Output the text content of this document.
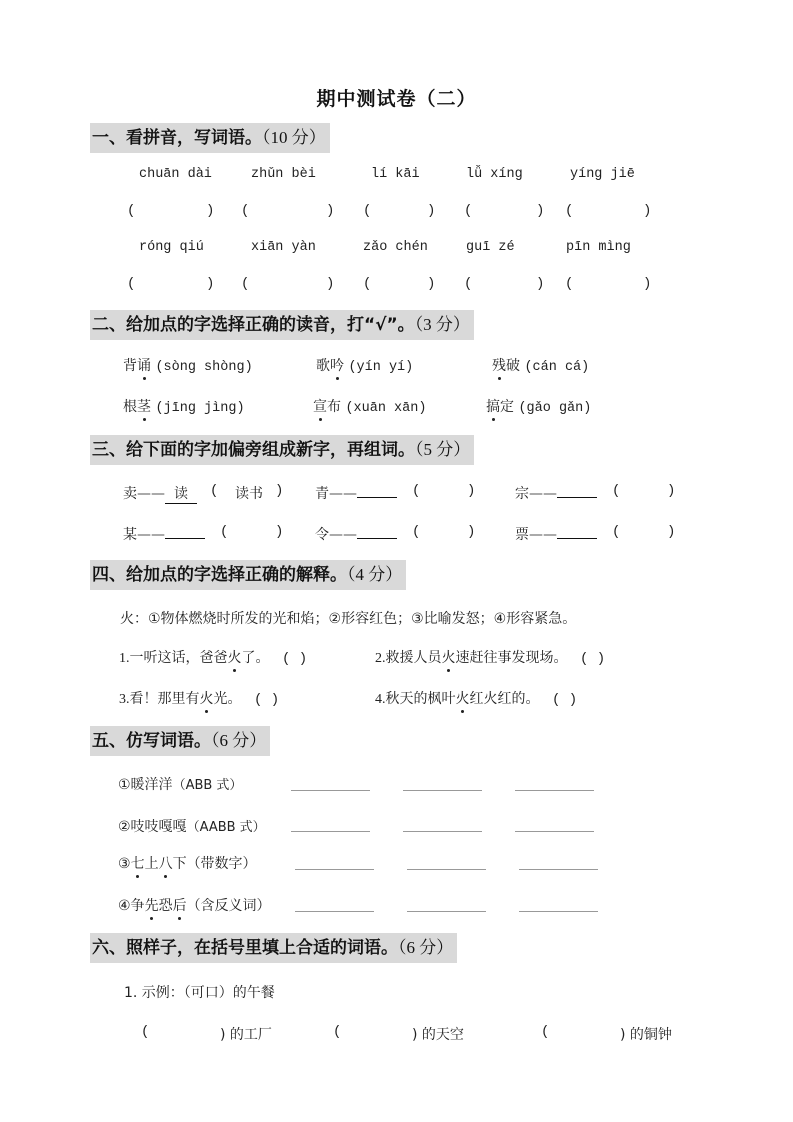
期中测试卷（二）
一、看拼音，写词语。（10 分）
chuān dài	zhǔn bèi	lí kāi	lǚ xíng	yíng jiē
(	) (	) (	) (	) (	)
róng qiú	xiān yàn	zǎo chén	guī zé	pīn mìng
(	) (	) (	) (	) (	)
二、给加点的字选择正确的读音，打“√”。（3 分）
背诵 (sòng shòng)	歌吟 (yín yí)	残破 (cán cá)
根茎 (jīng jìng)	宣布 (xuān xān)	搞定 (gǎo gǎn)
三、给下面的字加偏旁组成新字，再组词。（5 分）
卖—— 读	( 读书 ) 青——	(	)	宗——	(	)
某——	(	) 令——	(	)	票——	(	)
四、给加点的字选择正确的解释。（4 分）
火：①物体燃烧时所发的光和焰；②形容红色；③比喻发怒；④形容紧急。
1.一听这话，爸爸火了。 ( )	2.救援人员火速赶往事发现场。 ( )
3.看！那里有火光。 ( )	4.秋天的枫叶火红火红的。 ( )
五、仿写词语。（6 分）
①暖洋洋（ABB 式）
②吱吱嘎嘎（AABB 式）
③七上八下（带数字）
④争先恐后（含反义词）
六、照样子，在括号里填上合适的词语。（6 分）
1. 示例：（可口）的午餐
(	) 的工厂	(	) 的天空	(	) 的铜钟
